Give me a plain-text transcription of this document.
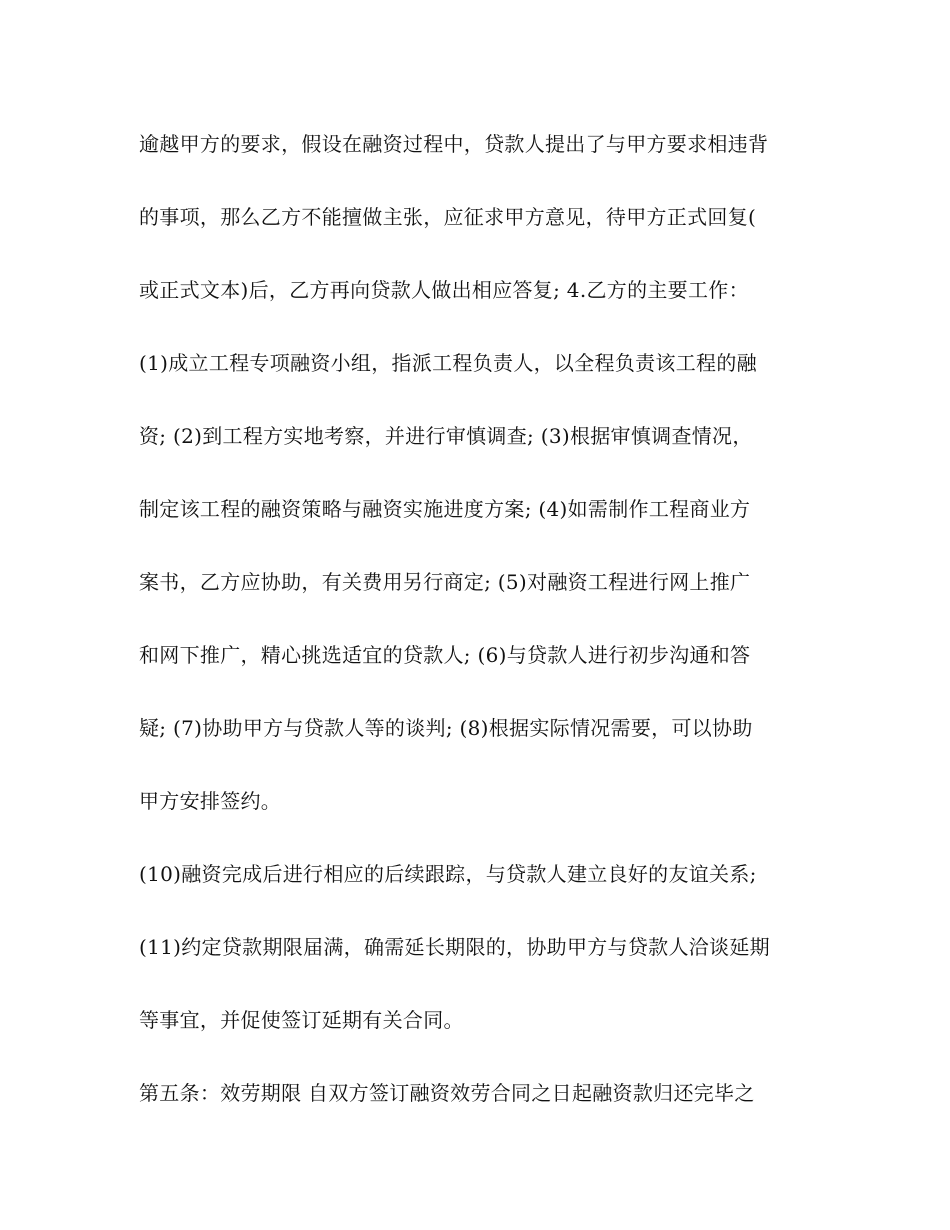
逾越甲方的要求，假设在融资过程中，贷款人提出了与甲方要求相违背
的事项，那么乙方不能擅做主张，应征求甲方意见，待甲方正式回复(
或正式文本)后，乙方再向贷款人做出相应答复; 4.乙方的主要工作：
(1)成立工程专项融资小组，指派工程负责人，以全程负责该工程的融
资; (2)到工程方实地考察，并进行审慎调查; (3)根据审慎调查情况，
制定该工程的融资策略与融资实施进度方案; (4)如需制作工程商业方
案书，乙方应协助，有关费用另行商定; (5)对融资工程进行网上推广
和网下推广，精心挑选适宜的贷款人; (6)与贷款人进行初步沟通和答
疑; (7)协助甲方与贷款人等的谈判; (8)根据实际情况需要，可以协助
甲方安排签约。
(10)融资完成后进行相应的后续跟踪，与贷款人建立良好的友谊关系;
(11)约定贷款期限届满，确需延长期限的，协助甲方与贷款人洽谈延期
等事宜，并促使签订延期有关合同。
第五条：效劳期限 自双方签订融资效劳合同之日起融资款归还完毕之
